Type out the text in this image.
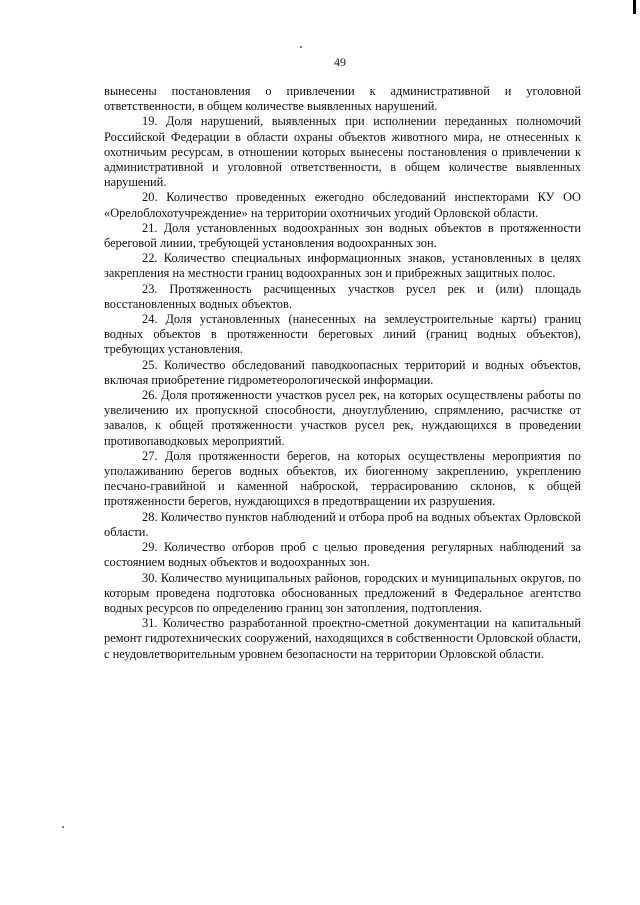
49

вынесены постановления о привлечении к административной и уголовной ответственности, в общем количестве выявленных нарушений.

19. Доля нарушений, выявленных при исполнении переданных полномочий Российской Федерации в области охраны объектов животного мира, не отнесенных к охотничьим ресурсам, в отношении которых вынесены постановления о привлечении к административной и уголовной ответственности, в общем количестве выявленных нарушений.

20. Количество проведенных ежегодно обследований инспекторами КУ ОО «Орелоблохотучреждение» на территории охотничьих угодий Орловской области.

21. Доля установленных водоохранных зон водных объектов в протяженности береговой линии, требующей установления водоохранных зон.

22. Количество специальных информационных знаков, установленных в целях закрепления на местности границ водоохранных зон и прибрежных защитных полос.

23. Протяженность расчищенных участков русел рек и (или) площадь восстановленных водных объектов.

24. Доля установленных (нанесенных на землеустроительные карты) границ водных объектов в протяженности береговых линий (границ водных объектов), требующих установления.

25. Количество обследований паводкоопасных территорий и водных объектов, включая приобретение гидрометеорологической информации.

26. Доля протяженности участков русел рек, на которых осуществлены работы по увеличению их пропускной способности, дноуглублению, спрямлению, расчистке от завалов, к общей протяженности участков русел рек, нуждающихся в проведении противопаводковых мероприятий.

27. Доля протяженности берегов, на которых осуществлены мероприятия по уполаживанию берегов водных объектов, их биогенному закреплению, укреплению песчано-гравийной и каменной наброской, террасированию склонов, к общей протяженности берегов, нуждающихся в предотвращении их разрушения.

28. Количество пунктов наблюдений и отбора проб на водных объектах Орловской области.

29. Количество отборов проб с целью проведения регулярных наблюдений за состоянием водных объектов и водоохранных зон.

30. Количество муниципальных районов, городских и муниципальных округов, по которым проведена подготовка обоснованных предложений в Федеральное агентство водных ресурсов по определению границ зон затопления, подтопления.

31. Количество разработанной проектно-сметной документации на капитальный ремонт гидротехнических сооружений, находящихся в собственности Орловской области, с неудовлетворительным уровнем безопасности на территории Орловской области.
